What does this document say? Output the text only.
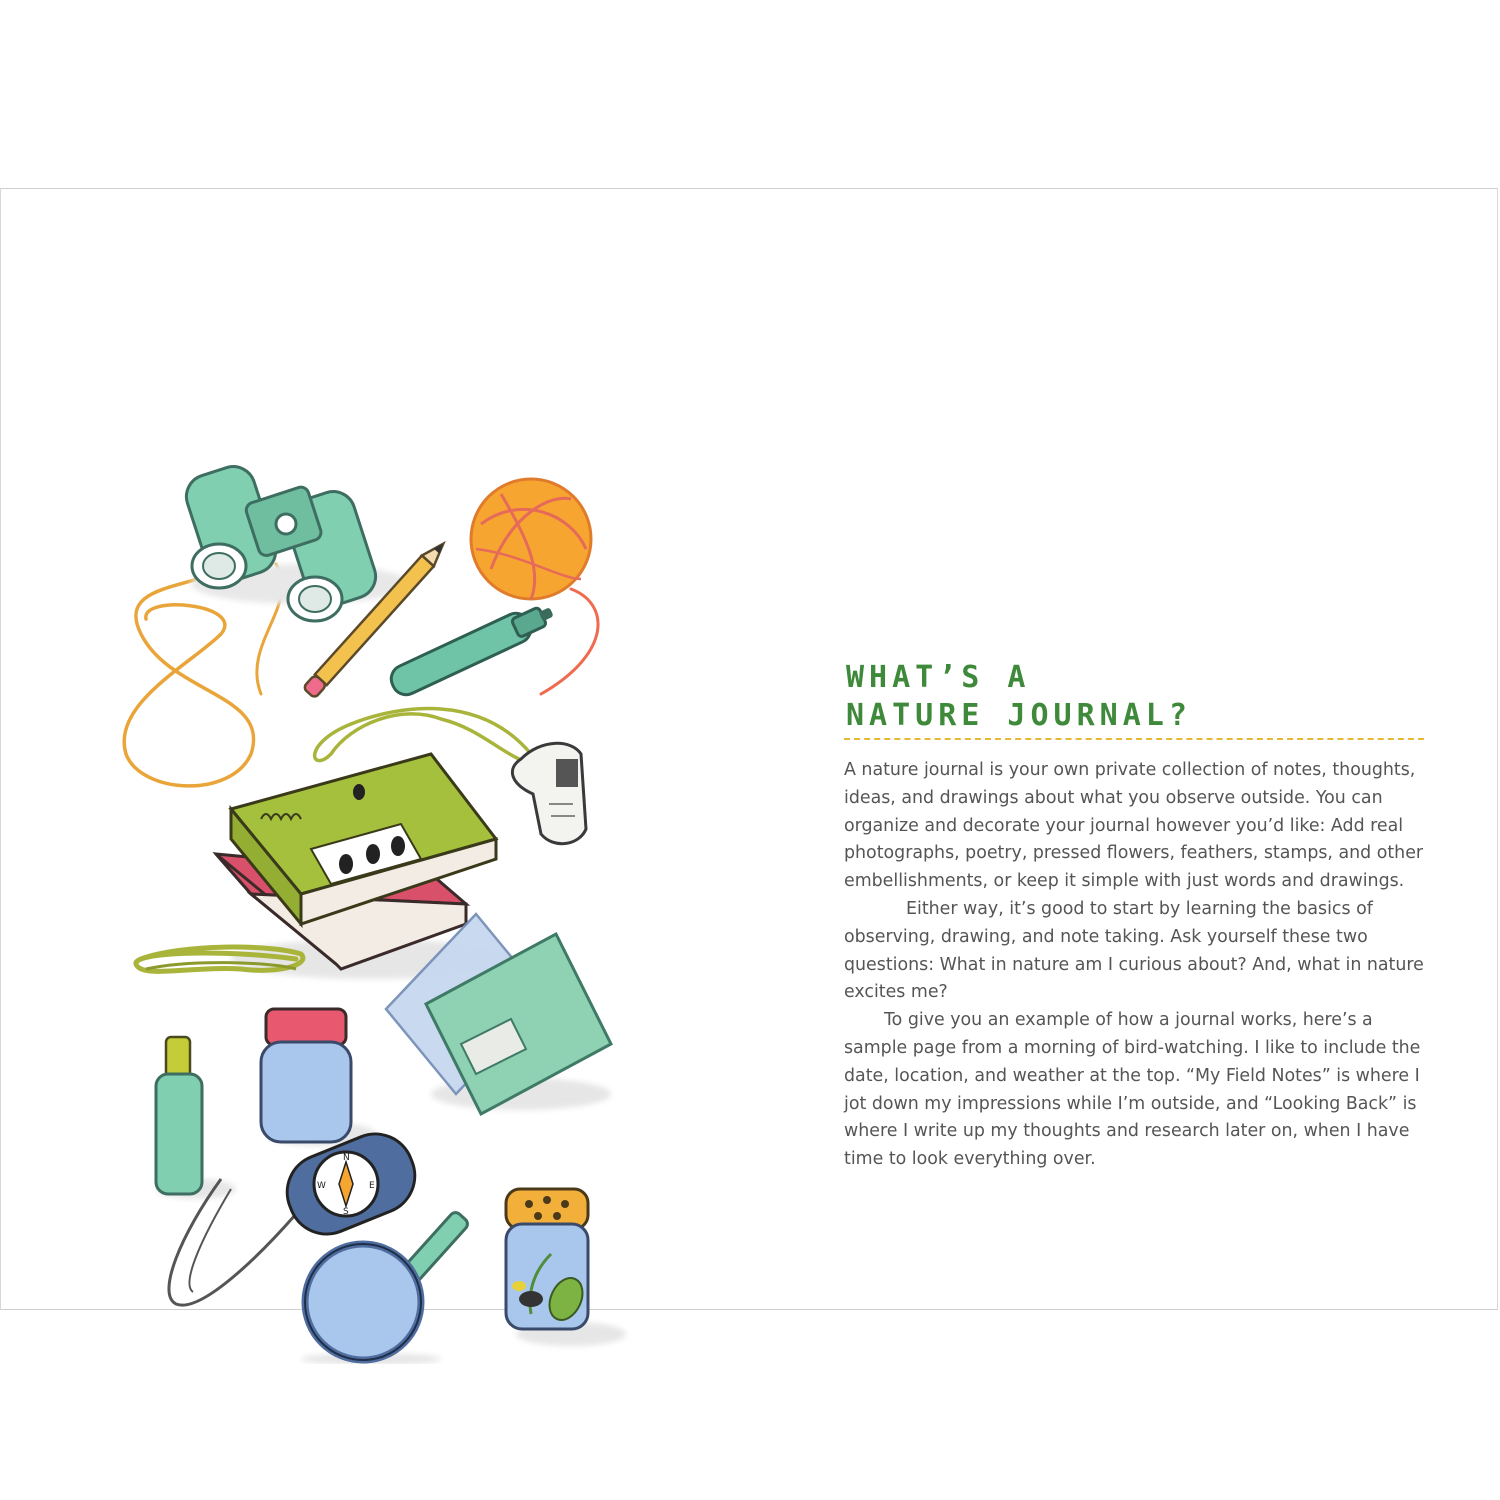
N
E
S
W
WHAT’S A
NATURE JOURNAL?

A nature journal is your own private collection of notes, thoughts, ideas, and drawings about what you observe outside. You can organize and decorate your journal however you’d like: Add real photographs, poetry, pressed flowers, feathers, stamps, and other embellishments, or keep it simple with just words and drawings.

Either way, it’s good to start by learning the basics of observing, drawing, and note taking. Ask yourself these two questions: What in nature am I curious about? And, what in nature excites me?

To give you an example of how a journal works, here’s a sample page from a morning of bird-watching. I like to include the date, location, and weather at the top. “My Field Notes” is where I jot down my impressions while I’m outside, and “Looking Back” is where I write up my thoughts and research later on, when I have time to look everything over.
